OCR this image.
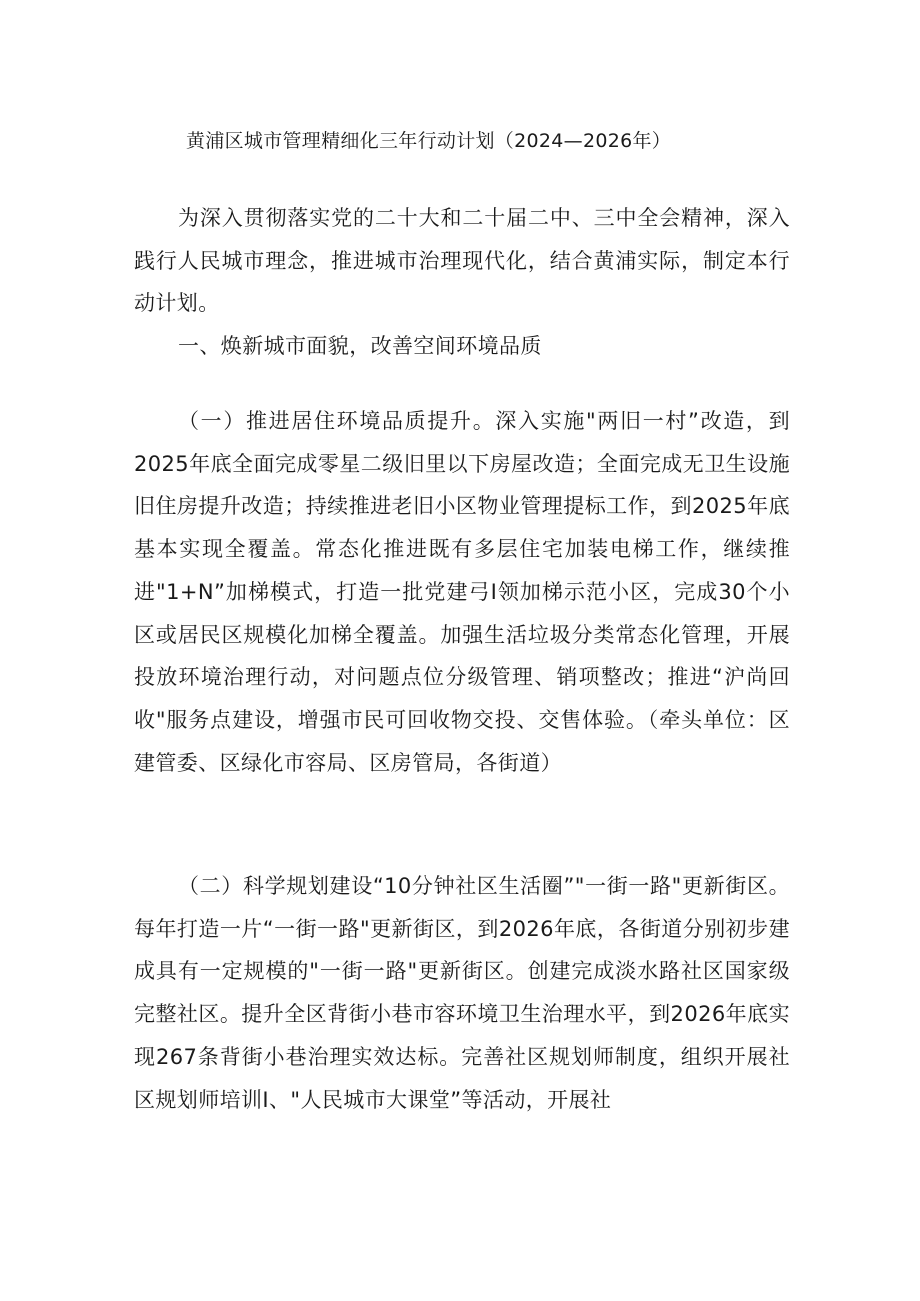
黄浦区城市管理精细化三年行动计划（2024—2026年）
为深入贯彻落实党的二十大和二十届二中、三中全会精神，深入践行人民城市理念，推进城市治理现代化，结合黄浦实际，制定本行动计划。
一、焕新城市面貌，改善空间环境品质
（一）推进居住环境品质提升。深入实施"两旧一村”改造，到2025年底全面完成零星二级旧里以下房屋改造；全面完成无卫生设施旧住房提升改造；持续推进老旧小区物业管理提标工作，到2025年底基本实现全覆盖。常态化推进既有多层住宅加装电梯工作，继续推进"1+N”加梯模式，打造一批党建弓I领加梯示范小区，完成30个小区或居民区规模化加梯全覆盖。加强生活垃圾分类常态化管理，开展投放环境治理行动，对问题点位分级管理、销项整改；推进“沪尚回收"服务点建设，增强市民可回收物交投、交售体验。（牵头单位：区建管委、区绿化市容局、区房管局，各街道）
（二）科学规划建设“10分钟社区生活圈”"一街一路"更新街区。每年打造一片“一街一路"更新街区，到2026年底，各街道分别初步建成具有一定规模的"一街一路"更新街区。创建完成淡水路社区国家级完整社区。提升全区背街小巷市容环境卫生治理水平，到2026年底实现267条背街小巷治理实效达标。完善社区规划师制度，组织开展社区规划师培训I、"人民城市大课堂”等活动，开展社
